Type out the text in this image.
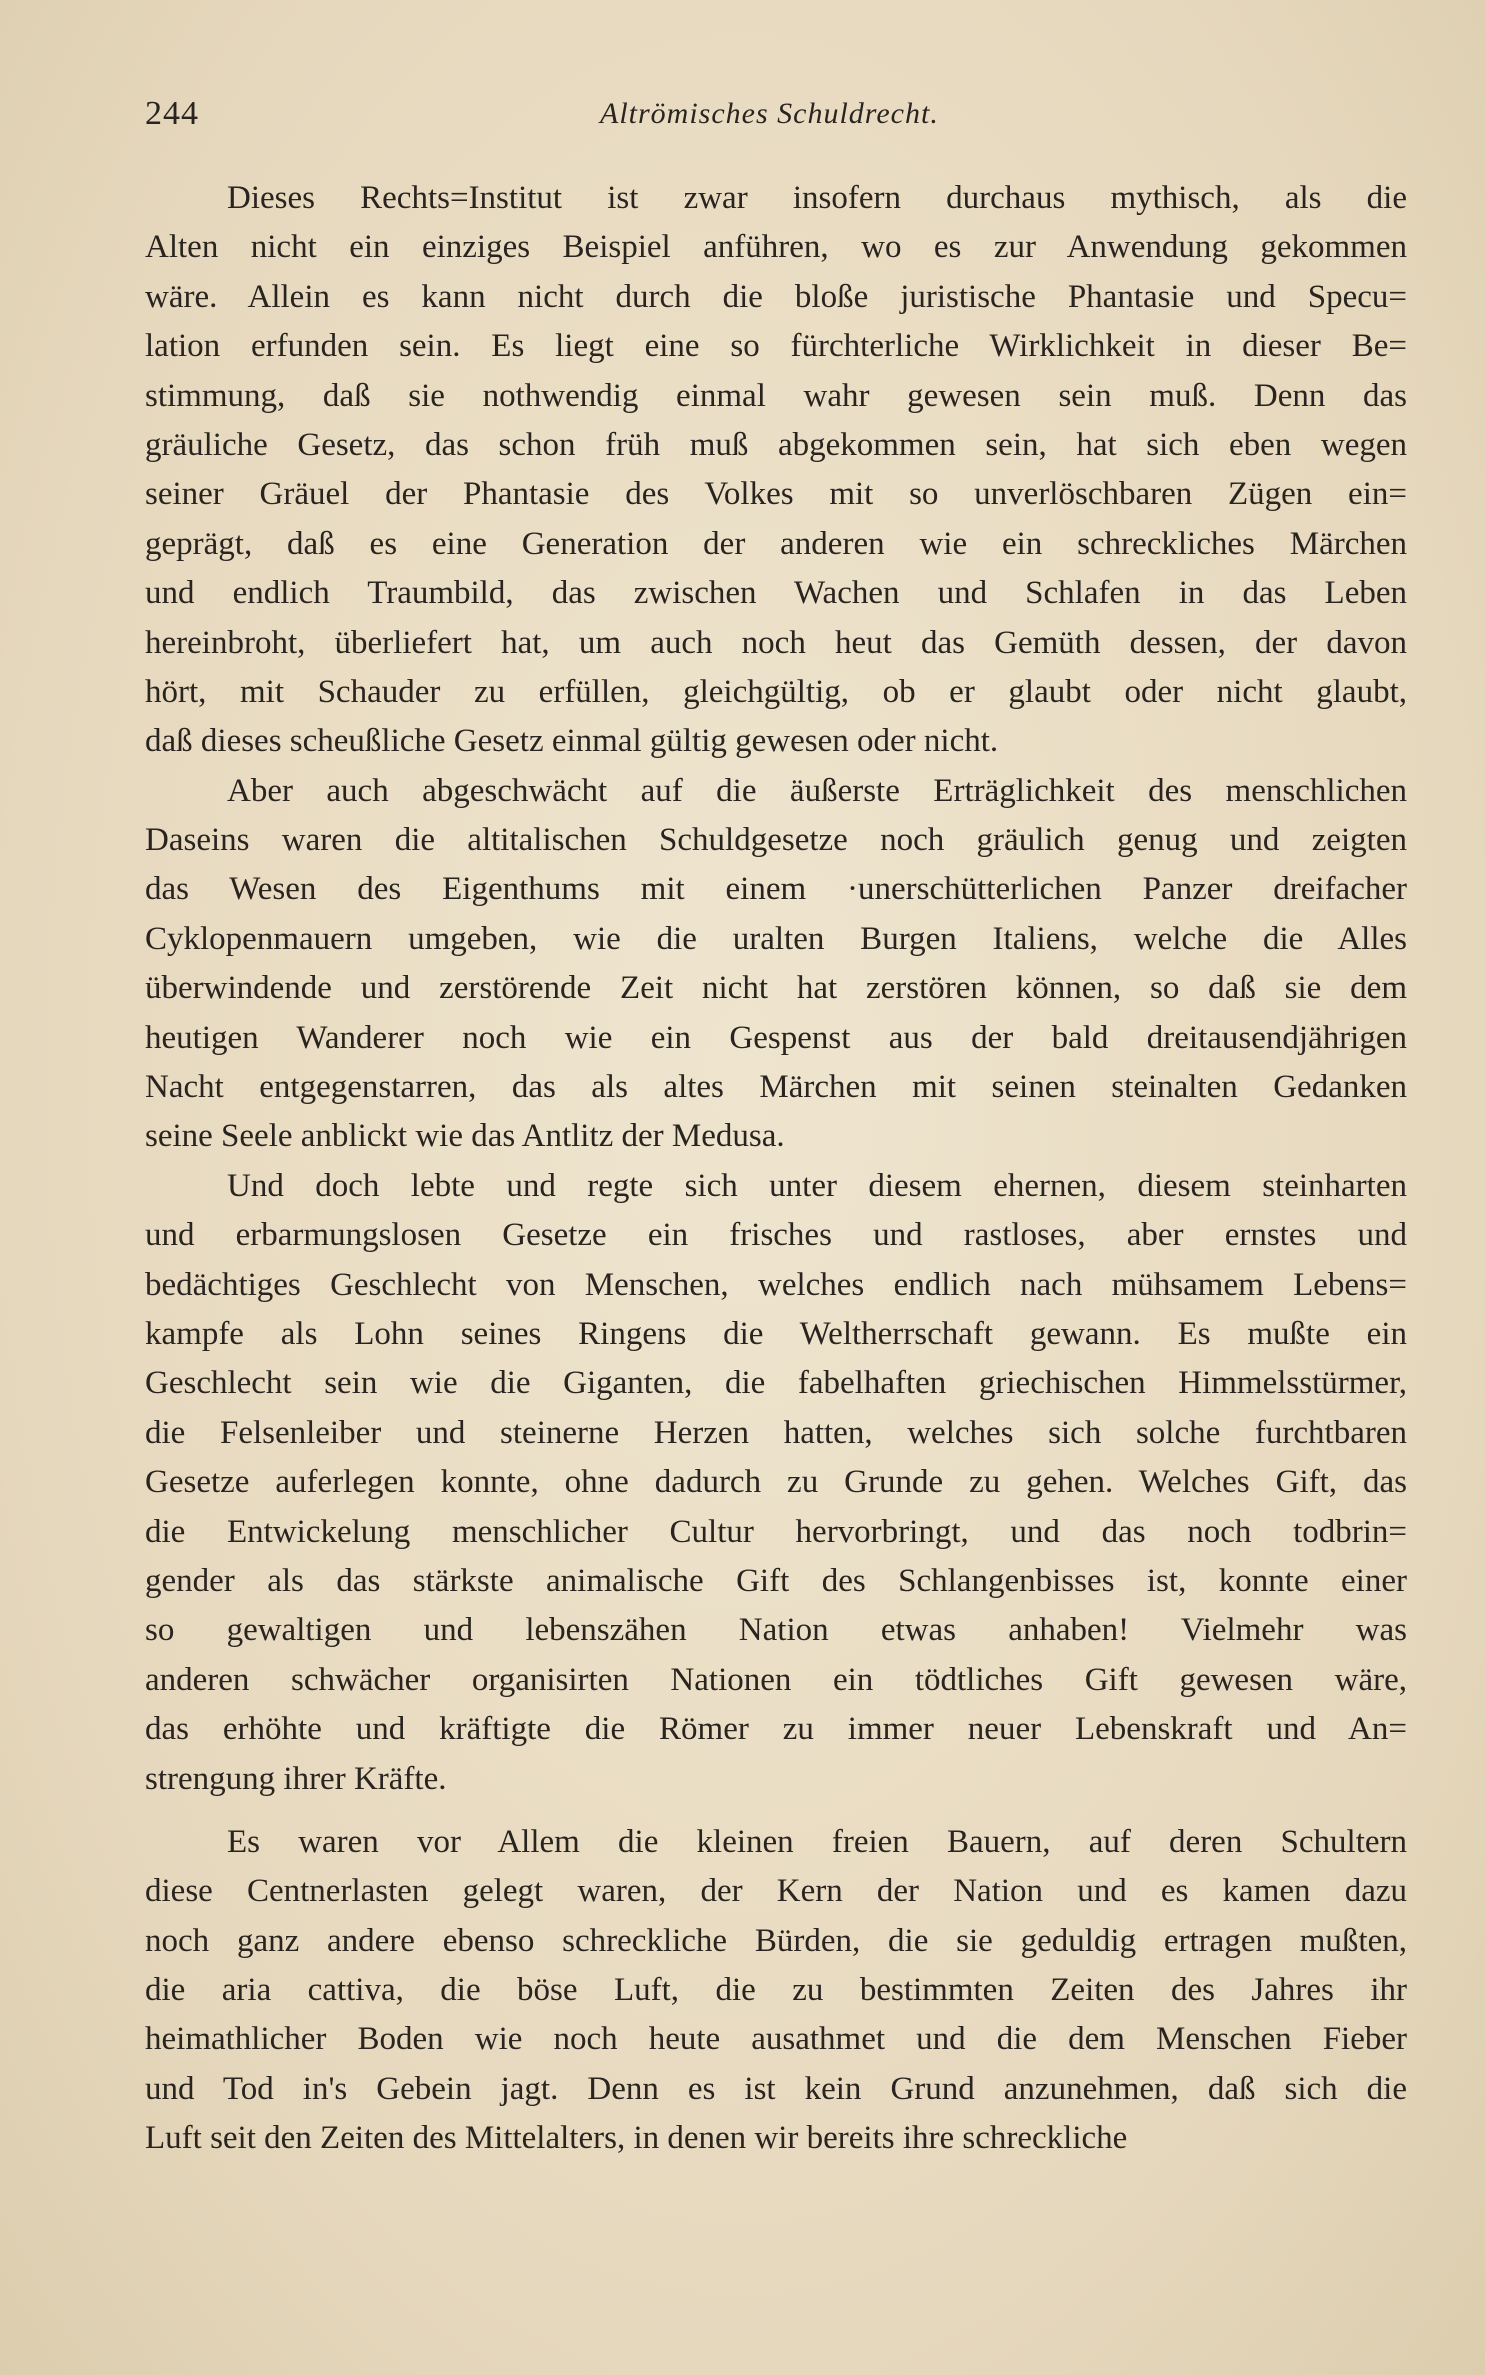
244	Altrömisches Schuldrecht.
Dieses Rechts=Institut ist zwar insofern durchaus mythisch, als die
Alten nicht ein einziges Beispiel anführen, wo es zur Anwendung gekommen
wäre. Allein es kann nicht durch die bloße juristische Phantasie und Specu=
lation erfunden sein. Es liegt eine so fürchterliche Wirklichkeit in dieser Be=
stimmung, daß sie nothwendig einmal wahr gewesen sein muß. Denn das
gräuliche Gesetz, das schon früh muß abgekommen sein, hat sich eben wegen
seiner Gräuel der Phantasie des Volkes mit so unverlöschbaren Zügen ein=
geprägt, daß es eine Generation der anderen wie ein schreckliches Märchen
und endlich Traumbild, das zwischen Wachen und Schlafen in das Leben
hereinbroht, überliefert hat, um auch noch heut das Gemüth dessen, der davon
hört, mit Schauder zu erfüllen, gleichgültig, ob er glaubt oder nicht glaubt,
daß dieses scheußliche Gesetz einmal gültig gewesen oder nicht.
Aber auch abgeschwächt auf die äußerste Erträglichkeit des menschlichen
Daseins waren die altitalischen Schuldgesetze noch gräulich genug und zeigten
das Wesen des Eigenthums mit einem ·unerschütterlichen Panzer dreifacher
Cyklopenmauern umgeben, wie die uralten Burgen Italiens, welche die Alles
überwindende und zerstörende Zeit nicht hat zerstören können, so daß sie dem
heutigen Wanderer noch wie ein Gespenst aus der bald dreitausendjährigen
Nacht entgegenstarren, das als altes Märchen mit seinen steinalten Gedanken
seine Seele anblickt wie das Antlitz der Medusa.
Und doch lebte und regte sich unter diesem ehernen, diesem steinharten
und erbarmungslosen Gesetze ein frisches und rastloses, aber ernstes und
bedächtiges Geschlecht von Menschen, welches endlich nach mühsamem Lebens=
kampfe als Lohn seines Ringens die Weltherrschaft gewann. Es mußte ein
Geschlecht sein wie die Giganten, die fabelhaften griechischen Himmelsstürmer,
die Felsenleiber und steinerne Herzen hatten, welches sich solche furchtbaren
Gesetze auferlegen konnte, ohne dadurch zu Grunde zu gehen. Welches Gift, das
die Entwickelung menschlicher Cultur hervorbringt, und das noch todbrin=
gender als das stärkste animalische Gift des Schlangenbisses ist, konnte einer
so gewaltigen und lebenszähen Nation etwas anhaben! Vielmehr was
anderen schwächer organisirten Nationen ein tödtliches Gift gewesen wäre,
das erhöhte und kräftigte die Römer zu immer neuer Lebenskraft und An=
strengung ihrer Kräfte.
Es waren vor Allem die kleinen freien Bauern, auf deren Schultern
diese Centnerlasten gelegt waren, der Kern der Nation und es kamen dazu
noch ganz andere ebenso schreckliche Bürden, die sie geduldig ertragen mußten,
die aria cattiva, die böse Luft, die zu bestimmten Zeiten des Jahres ihr
heimathlicher Boden wie noch heute ausathmet und die dem Menschen Fieber
und Tod in's Gebein jagt. Denn es ist kein Grund anzunehmen, daß sich die
Luft seit den Zeiten des Mittelalters, in denen wir bereits ihre schreckliche
